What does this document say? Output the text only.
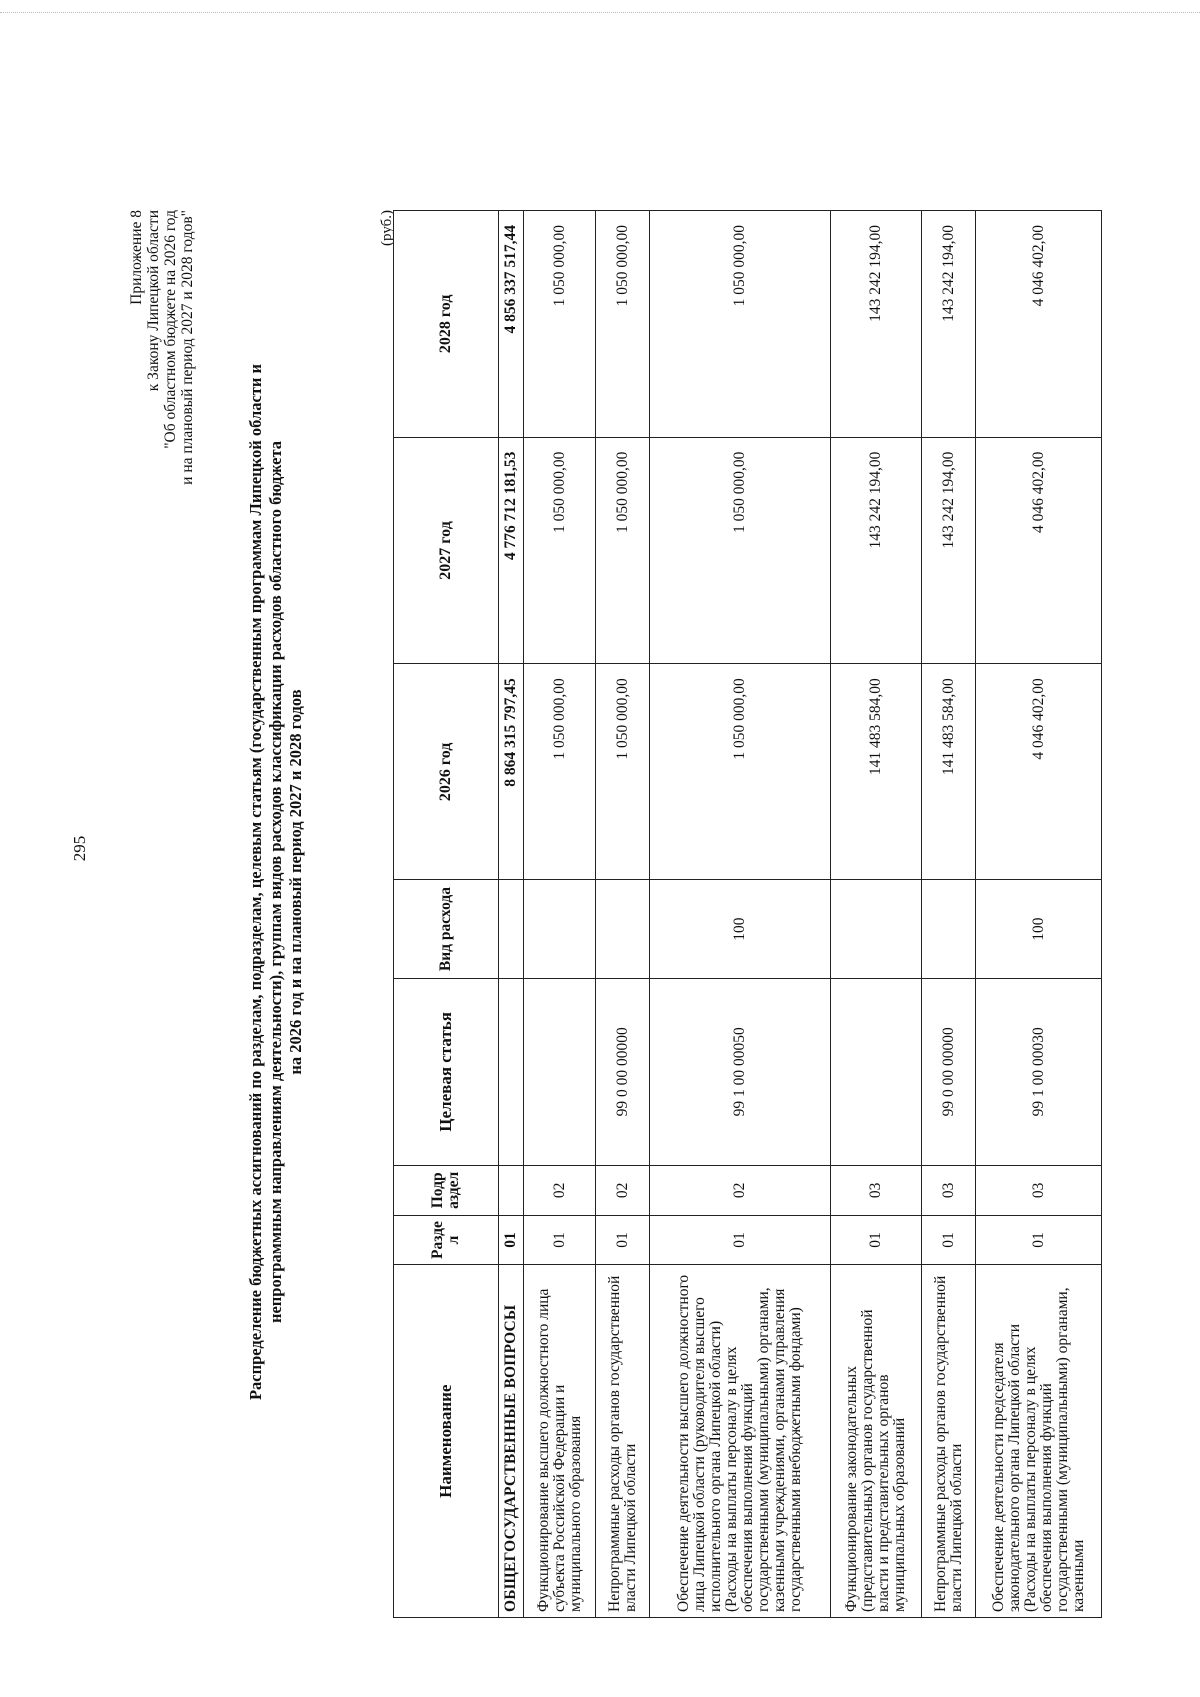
295
Приложение 8 к Закону Липецкой области "Об областном бюджете на 2026 год и на плановый период 2027 и 2028 годов"
Распределение бюджетных ассигнований по разделам, подразделам, целевым статьям (государственным программам Липецкой области и непрограммным направлениям деятельности), группам видов расходов классификации расходов областного бюджета на 2026 год и на плановый период 2027 и 2028 годов
(руб.)
Наименование	Разде л	Подр аздел	Целевая статья	Вид расхода	2026 год	2027 год	2028 год
ОБЩЕГОСУДАРСТВЕННЫЕ ВОПРОСЫ	01				8 864 315 797,45	4 776 712 181,53	4 856 337 517,44
Функционирование высшего должностного лица субъекта Российской Федерации и муниципального образования	01	02			1 050 000,00	1 050 000,00	1 050 000,00
Непрограммные расходы органов государственной власти Липецкой области	01	02	99 0 00 00000		1 050 000,00	1 050 000,00	1 050 000,00
Обеспечение деятельности высшего должностного лица Липецкой области (руководителя высшего исполнительного органа Липецкой области) (Расходы на выплаты персоналу в целях обеспечения выполнения функций государственными (муниципальными) органами, казенными учреждениями, органами управления государственными внебюджетными фондами)	01	02	99 1 00 00050	100	1 050 000,00	1 050 000,00	1 050 000,00
Функционирование законодательных (представительных) органов государственной власти и представительных органов муниципальных образований	01	03			141 483 584,00	143 242 194,00	143 242 194,00
Непрограммные расходы органов государственной власти Липецкой области	01	03	99 0 00 00000		141 483 584,00	143 242 194,00	143 242 194,00
Обеспечение деятельности председателя законодательного органа Липецкой области (Расходы на выплаты персоналу в целях обеспечения выполнения функций государственными (муниципальными) органами, казенными	01	03	99 1 00 00030	100	4 046 402,00	4 046 402,00	4 046 402,00
